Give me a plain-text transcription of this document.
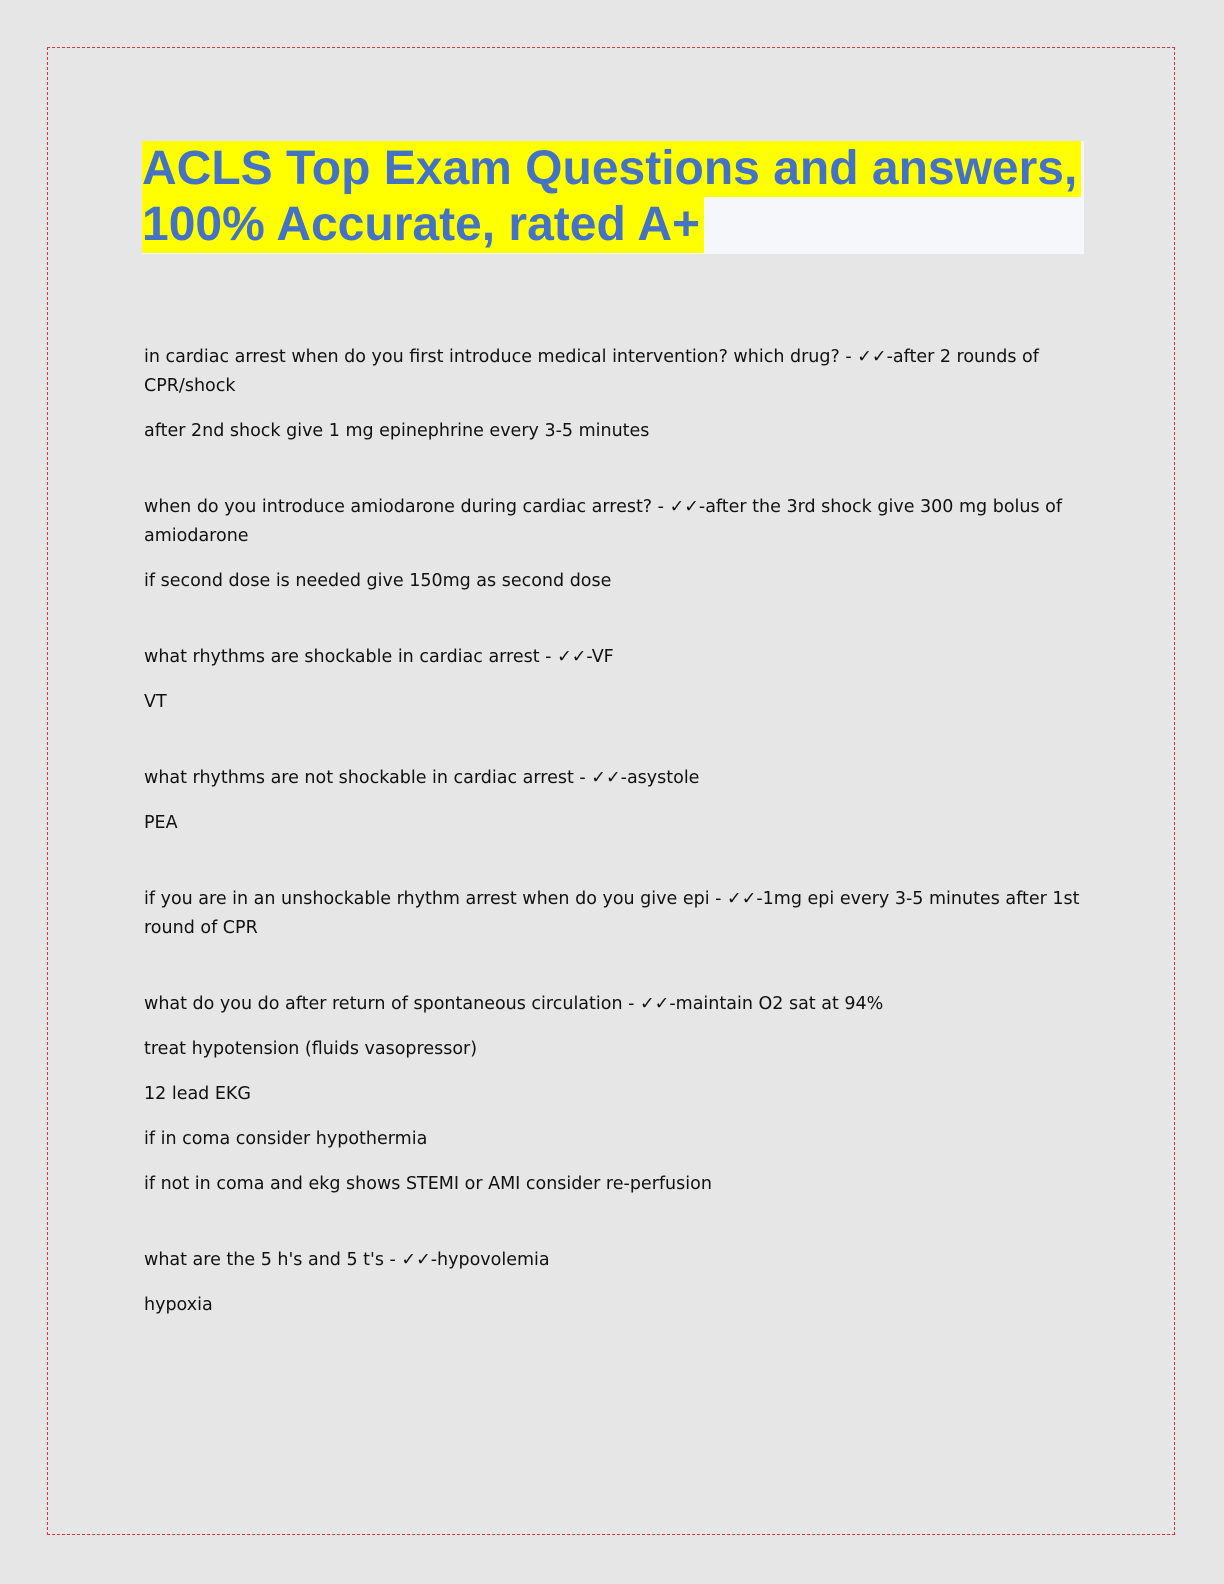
ACLS Top Exam Questions and answers,
100% Accurate, rated A+

in cardiac arrest when do you first introduce medical intervention? which drug? - ✓✓-after 2 rounds of CPR/shock

after 2nd shock give 1 mg epinephrine every 3-5 minutes

when do you introduce amiodarone during cardiac arrest? - ✓✓-after the 3rd shock give 300 mg bolus of amiodarone

if second dose is needed give 150mg as second dose

what rhythms are shockable in cardiac arrest - ✓✓-VF

VT

what rhythms are not shockable in cardiac arrest - ✓✓-asystole

PEA

if you are in an unshockable rhythm arrest when do you give epi - ✓✓-1mg epi every 3-5 minutes after 1st round of CPR

what do you do after return of spontaneous circulation - ✓✓-maintain O2 sat at 94%

treat hypotension (fluids vasopressor)

12 lead EKG

if in coma consider hypothermia

if not in coma and ekg shows STEMI or AMI consider re-perfusion

what are the 5 h's and 5 t's - ✓✓-hypovolemia

hypoxia
